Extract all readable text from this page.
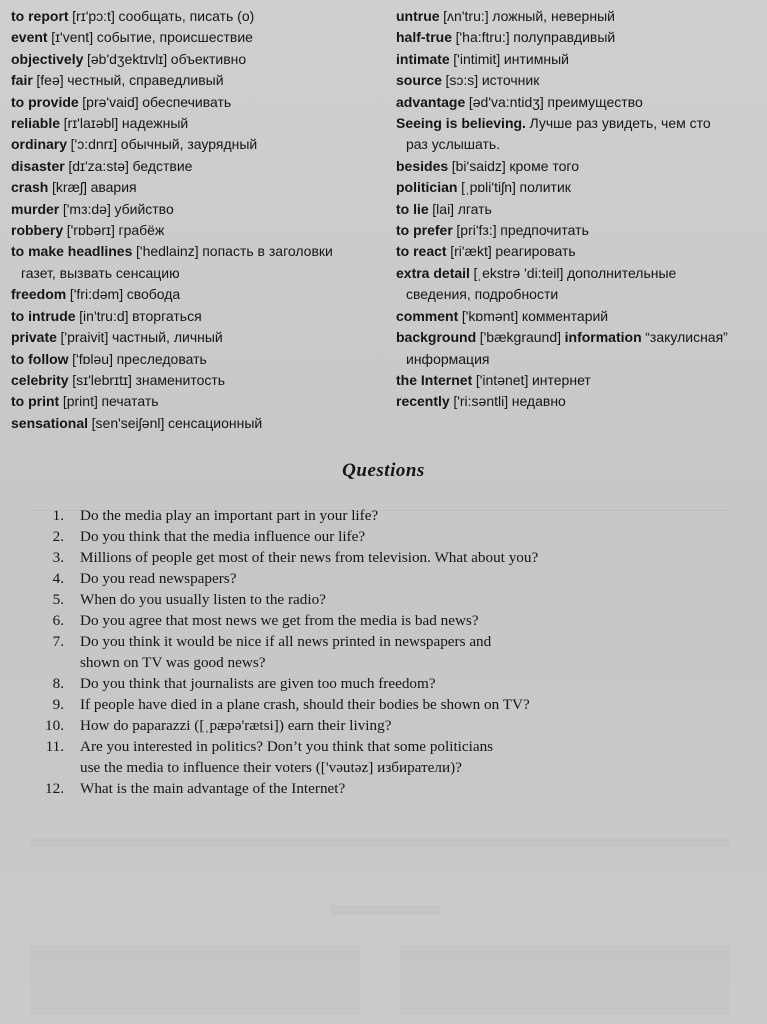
to report [rɪ'pɔ:t] сообщать, писать (о)
event [ɪ'vent] событие, происшествие
objectively [əb'dʒektɪvlɪ] объективно
fair [feə] честный, справедливый
to provide [prə'vaid] обеспечивать
reliable [rɪ'laɪəbl] надежный
ordinary ['ɔ:dnrɪ] обычный, заурядный
disaster [dɪ'za:stə] бедствие
crash [kræʃ] авария
murder ['mз:də] убийство
robbery ['rɒbərɪ] грабёж
to make headlines ['hedlainz] попасть в заголовки
газет, вызвать сенсацию
freedom ['fri:dəm] свобода
to intrude [in'tru:d] вторгаться
private ['praivit] частный, личный
to follow ['fɒləu] преследовать
celebrity [sɪ'lebrɪtɪ] знаменитость
to print [print] печатать
sensational [sen'seiʃənl] сенсационный
untrue [ʌn'tru:] ложный, неверный
half-true ['ha:ftru:] полуправдивый
intimate ['intimit] интимный
source [sɔ:s] источник
advantage [əd'va:ntidʒ] преимущество
Seeing is believing. Лучше раз увидеть, чем сто
раз услышать.
besides [bi'saidz] кроме того
politician [ˌpɒli'tiʃn] политик
to lie [lai] лгать
to prefer [pri'fз:] предпочитать
to react [ri'ækt] реагировать
extra detail [ˌekstrə 'di:teil] дополнительные
сведения, подробности
comment ['kɒmənt] комментарий
background ['bækgraund] information “закулисная”
информация
the Internet ['intənet] интернет
recently ['ri:səntli] недавно
Questions
1. Do the media play an important part in your life?
2. Do you think that the media influence our life?
3. Millions of people get most of their news from television. What about you?
4. Do you read newspapers?
5. When do you usually listen to the radio?
6. Do you agree that most news we get from the media is bad news?
7. Do you think it would be nice if all news printed in newspapers and
shown on TV was good news?
8. Do you think that journalists are given too much freedom?
9. If people have died in a plane crash, should their bodies be shown on TV?
10. How do paparazzi ([ˌpæpə'rætsi]) earn their living?
11. Are you interested in politics? Don’t you think that some politicians
use the media to influence their voters (['vəutəz] избиратели)?
12. What is the main advantage of the Internet?
